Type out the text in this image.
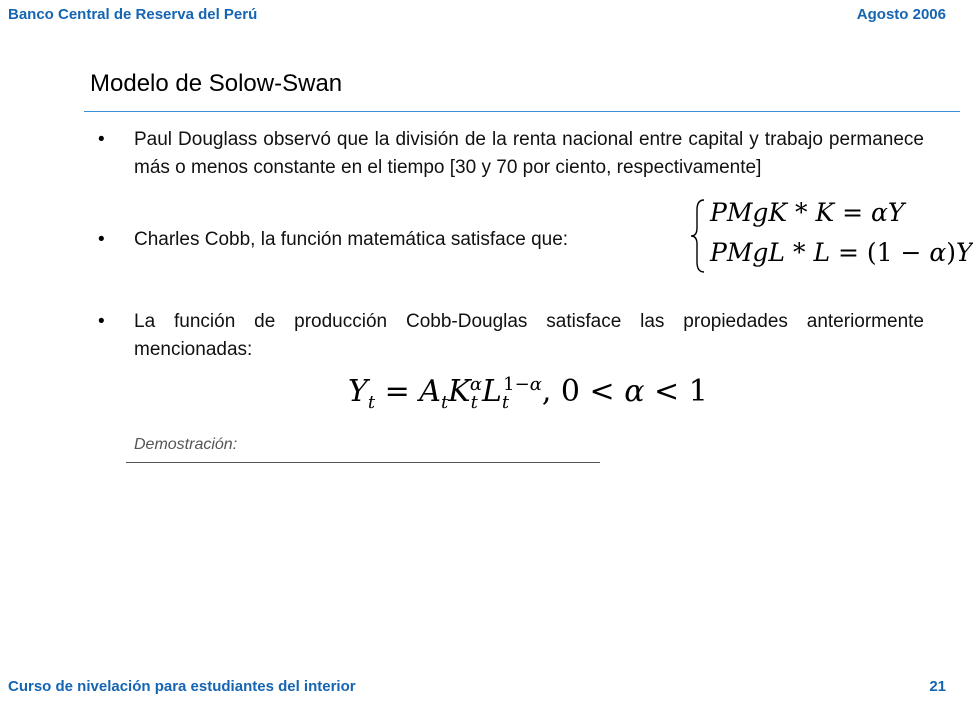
Banco Central de Reserva del Perú	Agosto 2006
Modelo de Solow-Swan
• Paul Douglass observó que la división de la renta nacional entre capital y trabajo permanece más o menos constante en el tiempo [30 y 70 por ciento, respectivamente]
• Charles Cobb, la función matemática satisface que:
PMgK * K = αY
PMgL * L = (1 − α)Y
• La función de producción Cobb-Douglas satisface las propiedades anteriormente mencionadas:
$Y_t = A_tK_t^\alpha L_t^{1-\alpha}$, 0 < α < 1
Demostración:
Curso de nivelación para estudiantes del interior	21
